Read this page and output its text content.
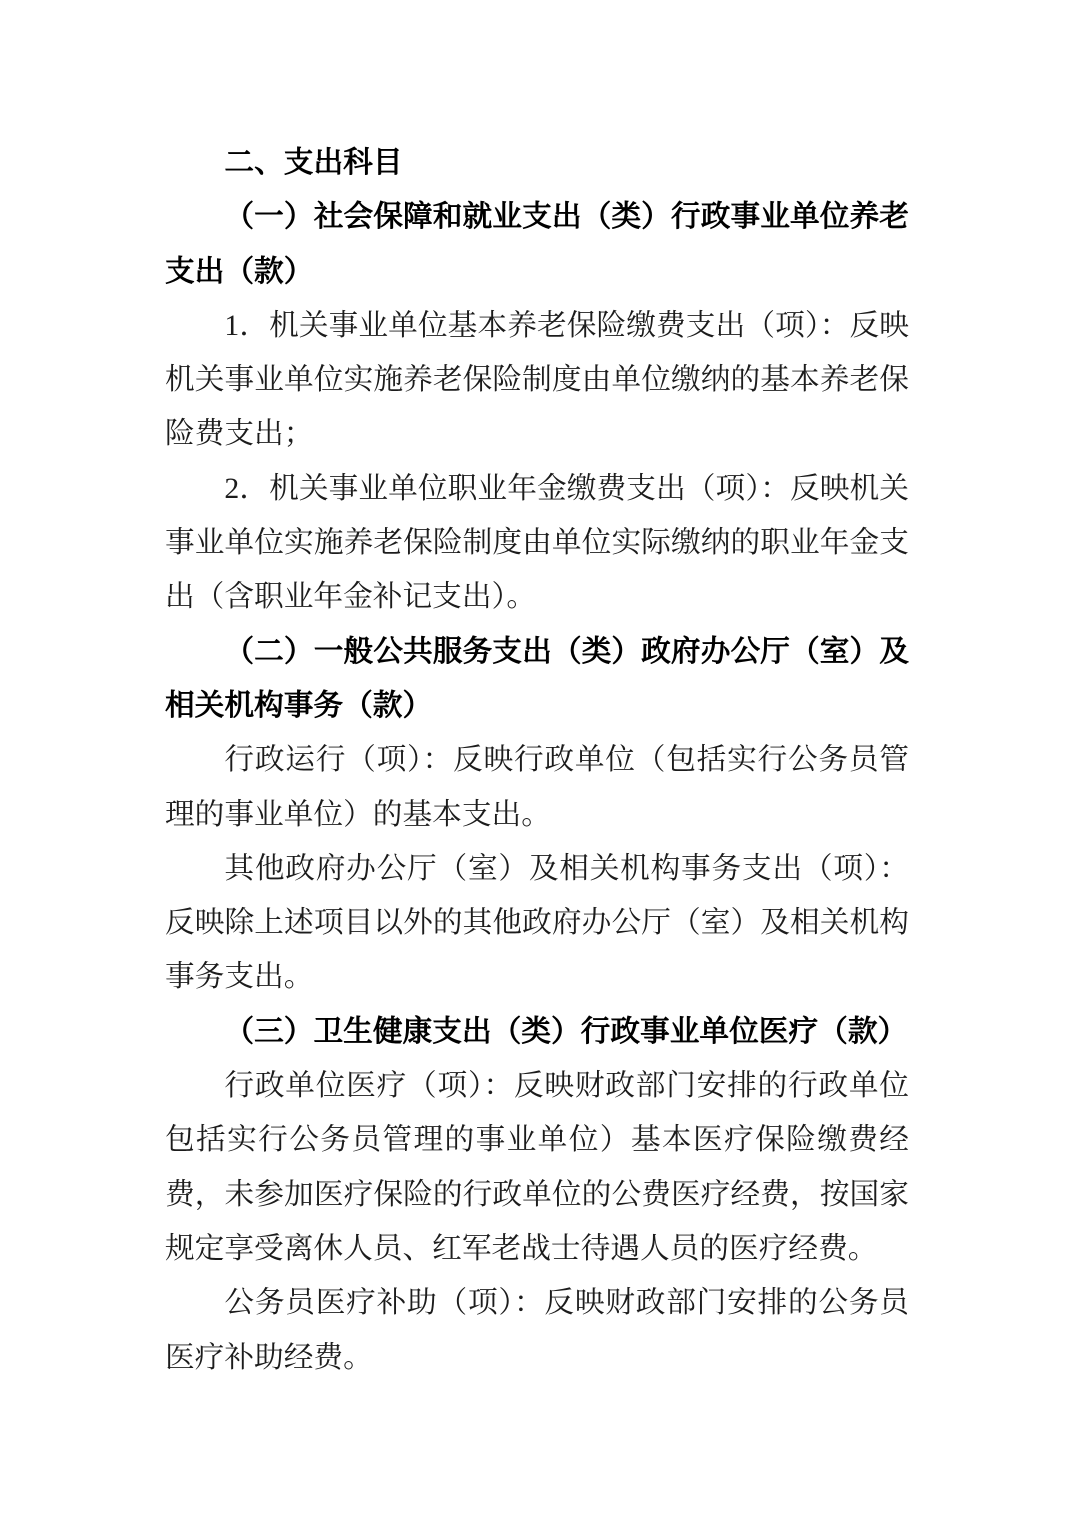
二、支出科目

（一）社会保障和就业支出（类）行政事业单位养老支出（款）

1．机关事业单位基本养老保险缴费支出（项）：反映机关事业单位实施养老保险制度由单位缴纳的基本养老保险费支出；

2．机关事业单位职业年金缴费支出（项）：反映机关事业单位实施养老保险制度由单位实际缴纳的职业年金支出（含职业年金补记支出）。

（二）一般公共服务支出（类）政府办公厅（室）及相关机构事务（款）

行政运行（项）：反映行政单位（包括实行公务员管理的事业单位）的基本支出。

其他政府办公厅（室）及相关机构事务支出（项）：反映除上述项目以外的其他政府办公厅（室）及相关机构事务支出。

（三）卫生健康支出（类）行政事业单位医疗（款）

行政单位医疗（项）：反映财政部门安排的行政单位包括实行公务员管理的事业单位）基本医疗保险缴费经费，未参加医疗保险的行政单位的公费医疗经费，按国家规定享受离休人员、红军老战士待遇人员的医疗经费。

公务员医疗补助（项）：反映财政部门安排的公务员医疗补助经费。
